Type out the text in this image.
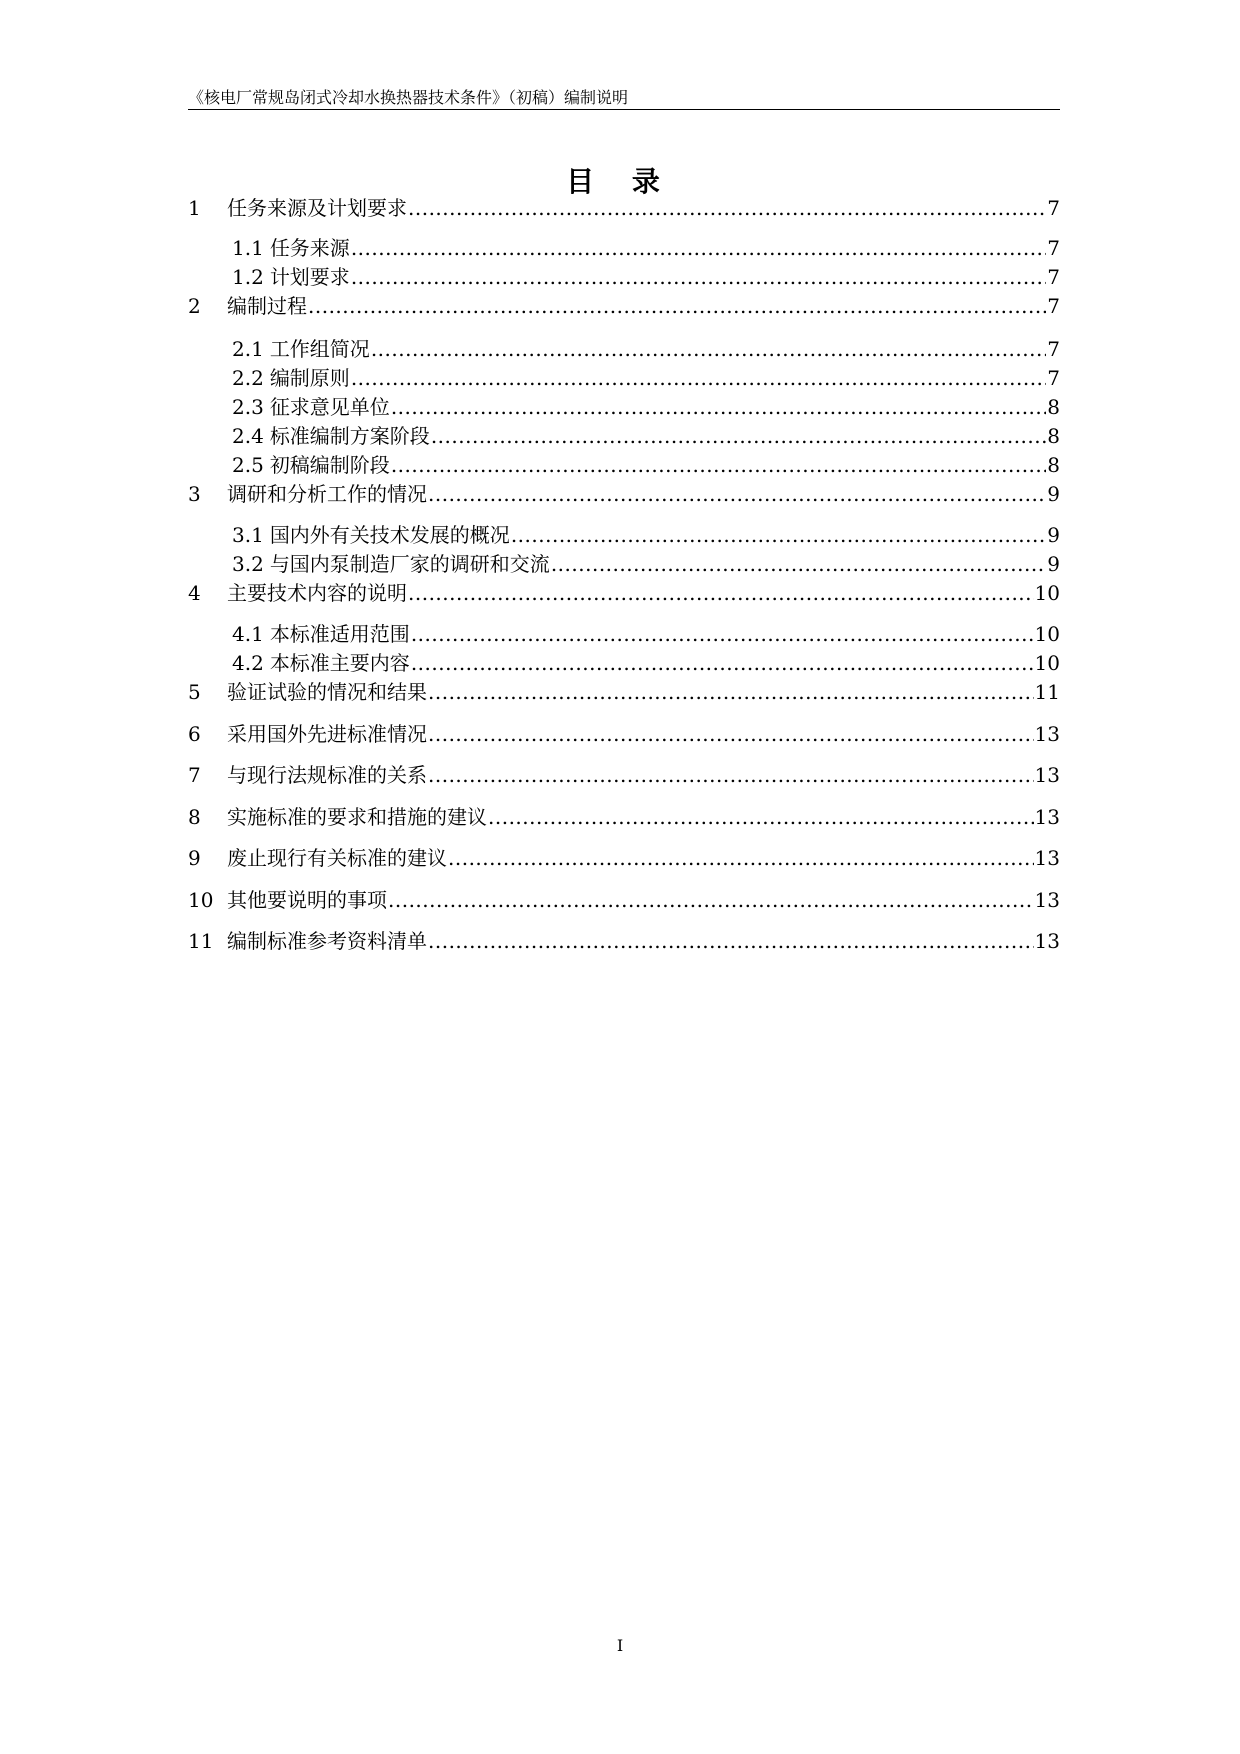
《核电厂常规岛闭式冷却水换热器技术条件》（初稿）编制说明
目 录
1	任务来源及计划要求 .....	7
1.1 任务来源 .....	7
1.2 计划要求 .....	7
2	编制过程 .....	7
2.1 工作组简况 .....	7
2.2 编制原则 .....	7
2.3 征求意见单位 .....	8
2.4 标准编制方案阶段 .....	8
2.5 初稿编制阶段 .....	8
3	调研和分析工作的情况 .....	9
3.1 国内外有关技术发展的概况 .....	9
3.2 与国内泵制造厂家的调研和交流 .....	9
4	主要技术内容的说明 .....	10
4.1 本标准适用范围 .....	10
4.2 本标准主要内容 .....	10
5	验证试验的情况和结果 .....	11
6	采用国外先进标准情况 .....	13
7	与现行法规标准的关系 .....	13
8	实施标准的要求和措施的建议 .....	13
9	废止现行有关标准的建议 .....	13
10 其他要说明的事项 .....	13
11 编制标准参考资料清单 .....	13
I
